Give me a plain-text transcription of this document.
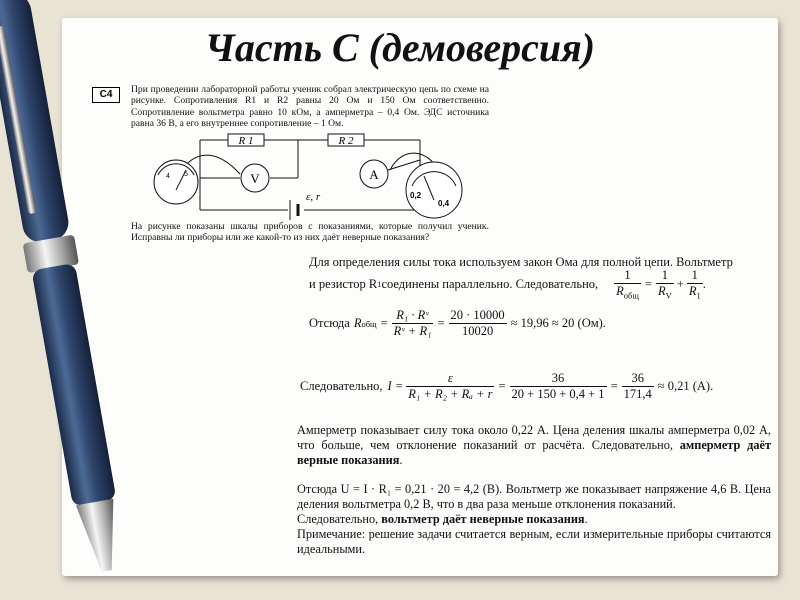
Часть С (демоверсия)
С4	При проведении лабораторной работы ученик собрал электрическую цепь по схеме на рисунке. Сопротивления R1 и R2 равны 20 Ом и 150 Ом соответственно. Сопротивление вольтметра равно 10 кОм, а амперметра – 0,4 Ом. ЭДС источника равна 36 В, а его внутреннее сопротивление – 1 Ом.

R 1	R 2
V	A
ε, r
4 5
0,2
0,4

На рисунке показаны шкалы приборов с показаниями, которые получил ученик. Исправны ли приборы или же какой-то из них даёт неверные показания?

Для определения силы тока используем закон Ома для полной цепи. Вольтметр

и резистор R 1 соединены параллельно. Следовательно, $\frac{1}{R_{общ}} = \frac{1}{R_V} + \frac{1}{R_1}$ .
Отсюда R общ = $\frac{\text{R₁ · Rᵛ}}{\text{Rᵛ + R₁}} = \frac{20 \cdot 10000}{10020} \approx 19,96 \approx 20$ (Ом).
Следовательно, $I = \frac{\varepsilon}{\text{R₁ + R₂ + Rₐ + r}} = \frac{36}{20 + 150 + 0,4 + 1} = \frac{36}{171,4} \approx 0,21$ (А).

Амперметр показывает силу тока около 0,22 А. Цена деления шкалы амперметра 0,02 А, что больше, чем отклонение показаний от расчёта. Следовательно, амперметр даёт верные показания.

Отсюда U = I · R₁ = 0,21 · 20 = 4,2 (В). Вольтметр же показывает напряжение 4,6 В. Цена деления вольтметра 0,2 В, что в два раза меньше отклонения показаний.
Следовательно, вольтметр даёт неверные показания.
Примечание: решение задачи считается верным, если измерительные приборы считаются идеальными.
